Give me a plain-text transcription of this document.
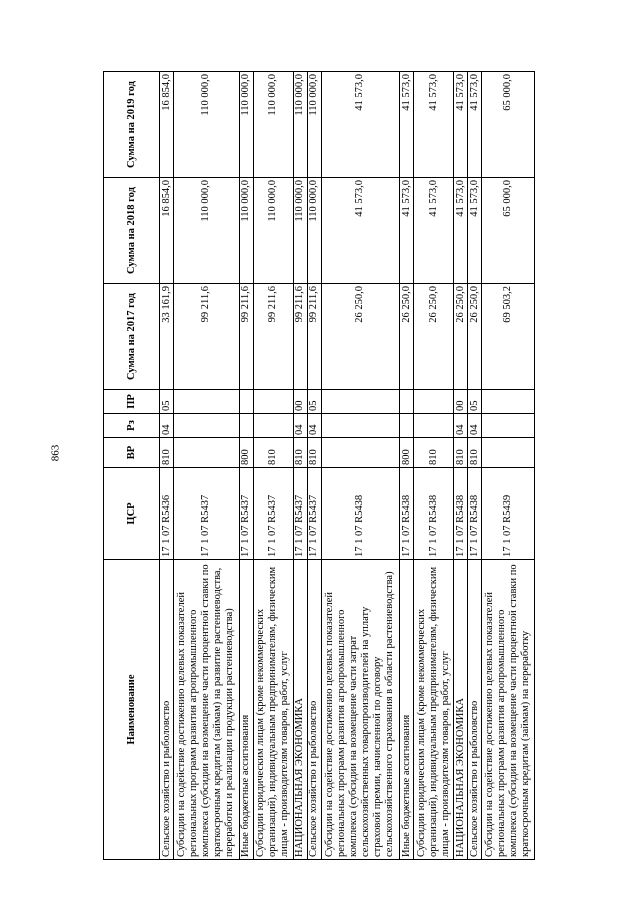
863
Наименование	ЦСР	ВР	Рз	ПР	Сумма на 2017 год	Сумма на 2018 год	Сумма на 2019 год
Сельское хозяйство и рыболовство	17 1 07 R5436	810	04	05	33 161,9	16 854,0	16 854,0
Субсидии на содействие достижению целевых показателей региональных программ развития агропромышленного комплекса (субсидии на возмещение части процентной ставки по краткосрочным кредитам (займам) на развитие растениеводства, переработки и реализации продукции растениеводства)	17 1 07 R5437				99 211,6	110 000,0	110 000,0
Иные бюджетные ассигнования	17 1 07 R5437	800			99 211,6	110 000,0	110 000,0
Субсидии юридическим лицам (кроме некоммерческих организаций), индивидуальным предпринимателям, физическим лицам - производителям товаров, работ, услуг	17 1 07 R5437	810			99 211,6	110 000,0	110 000,0
НАЦИОНАЛЬНАЯ ЭКОНОМИКА	17 1 07 R5437	810	04	00	99 211,6	110 000,0	110 000,0
Сельское хозяйство и рыболовство	17 1 07 R5437	810	04	05	99 211,6	110 000,0	110 000,0
Субсидии на содействие достижению целевых показателей региональных программ развития агропромышленного комплекса (субсидии на возмещение части затрат сельскохозяйственных товаропроизводителей на уплату страховой премии, начисленной по договору сельскохозяйственного страхования в области растениеводства)	17 1 07 R5438				26 250,0	41 573,0	41 573,0
Иные бюджетные ассигнования	17 1 07 R5438	800			26 250,0	41 573,0	41 573,0
Субсидии юридическим лицам (кроме некоммерческих организаций), индивидуальным предпринимателям, физическим лицам - производителям товаров, работ, услуг	17 1 07 R5438	810			26 250,0	41 573,0	41 573,0
НАЦИОНАЛЬНАЯ ЭКОНОМИКА	17 1 07 R5438	810	04	00	26 250,0	41 573,0	41 573,0
Сельское хозяйство и рыболовство	17 1 07 R5438	810	04	05	26 250,0	41 573,0	41 573,0
Субсидии на содействие достижению целевых показателей региональных программ развития агропромышленного комплекса (субсидии на возмещение части процентной ставки по краткосрочным кредитам (займам) на переработку	17 1 07 R5439				69 503,2	65 000,0	65 000,0
